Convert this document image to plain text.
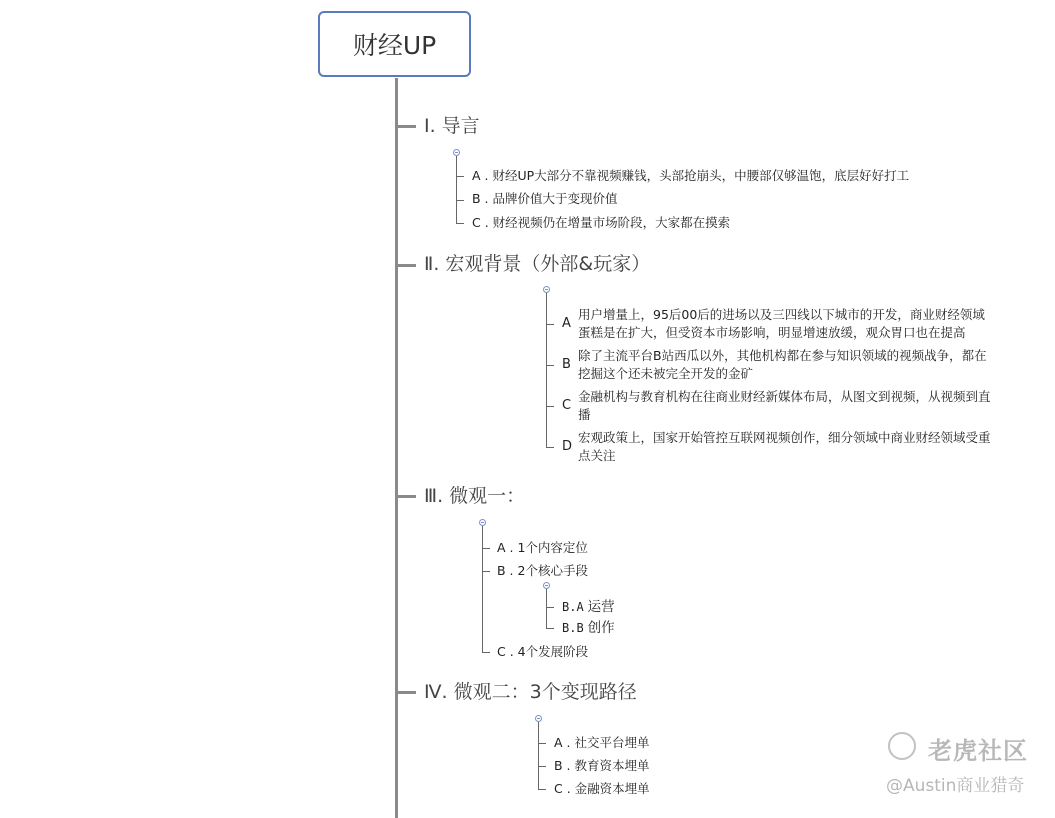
财经UP
Ⅰ. 导言
A . 财经UP大部分不靠视频赚钱，头部抢崩头，中腰部仅够温饱，底层好好打工
B . 品牌价值大于变现价值
C . 财经视频仍在增量市场阶段，大家都在摸索
Ⅱ. 宏观背景（外部&玩家）
A
用户增量上，95后00后的进场以及三四线以下城市的开发，商业财经领域
蛋糕是在扩大，但受资本市场影响，明显增速放缓，观众胃口也在提高
B
除了主流平台B站西瓜以外，其他机构都在参与知识领域的视频战争，都在
挖掘这个还未被完全开发的金矿
C
金融机构与教育机构在往商业财经新媒体布局，从图文到视频，从视频到直
播
D
宏观政策上，国家开始管控互联网视频创作，细分领域中商业财经领域受重
点关注
Ⅲ. 微观一：
A . 1个内容定位
B . 2个核心手段
C . 4个发展阶段
B.A 运营
B.B 创作
Ⅳ. 微观二：3个变现路径
A . 社交平台埋单
B . 教育资本埋单
C . 金融资本埋单
老虎社区
@Austin商业猎奇
